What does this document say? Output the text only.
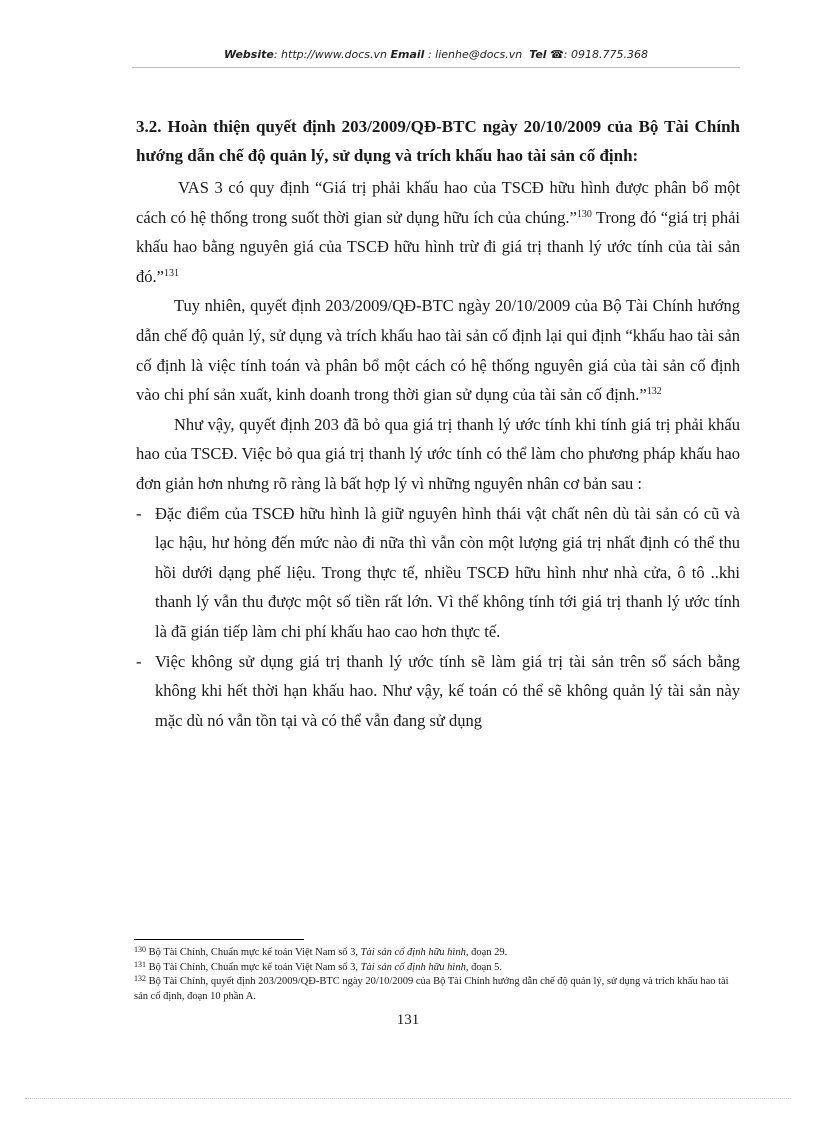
Website: http://www.docs.vn Email : lienhe@docs.vn Tel ☎: 0918.775.368

3.2. Hoàn thiện quyết định 203/2009/QĐ-BTC ngày 20/10/2009 của Bộ Tài Chính hướng dẫn chế độ quản lý, sử dụng và trích khấu hao tài sản cố định:

VAS 3 có quy định “Giá trị phải khấu hao của TSCĐ hữu hình được phân bổ một cách có hệ thống trong suốt thời gian sử dụng hữu ích của chúng.”$^{130}$ Trong đó “giá trị phải khấu hao bằng nguyên giá của TSCĐ hữu hình trừ đi giá trị thanh lý ước tính của tài sản đó.”$^{131}$

Tuy nhiên, quyết định 203/2009/QĐ-BTC ngày 20/10/2009 của Bộ Tài Chính hướng dẫn chế độ quản lý, sử dụng và trích khấu hao tài sản cố định lại qui định “khấu hao tài sản cố định là việc tính toán và phân bổ một cách có hệ thống nguyên giá của tài sản cố định vào chi phí sản xuất, kinh doanh trong thời gian sử dụng của tài sản cố định.”$^{132}$

Như vậy, quyết định 203 đã bỏ qua giá trị thanh lý ước tính khi tính giá trị phải khấu hao của TSCĐ. Việc bỏ qua giá trị thanh lý ước tính có thể làm cho phương pháp khấu hao đơn giản hơn nhưng rõ ràng là bất hợp lý vì những nguyên nhân cơ bản sau :

- Đặc điểm của TSCĐ hữu hình là giữ nguyên hình thái vật chất nên dù tài sản có cũ và lạc hậu, hư hỏng đến mức nào đi nữa thì vẫn còn một lượng giá trị nhất định có thể thu hồi dưới dạng phế liệu. Trong thực tế, nhiều TSCĐ hữu hình như nhà cửa, ô tô ..khi thanh lý vẫn thu được một số tiền rất lớn. Vì thế không tính tới giá trị thanh lý ước tính là đã gián tiếp làm chi phí khấu hao cao hơn thực tế.

- Việc không sử dụng giá trị thanh lý ước tính sẽ làm giá trị tài sản trên sổ sách bằng không khi hết thời hạn khấu hao. Như vậy, kế toán có thể sẽ không quản lý tài sản này mặc dù nó vẫn tồn tại và có thể vẫn đang sử dụng

$^{130}$ Bộ Tài Chính, Chuẩn mực kế toán Việt Nam số 3, Tài sản cố định hữu hình, đoạn 29.

$^{131}$ Bộ Tài Chính, Chuẩn mực kế toán Việt Nam số 3, Tài sản cố định hữu hình, đoạn 5.

$^{132}$ Bộ Tài Chính, quyết định 203/2009/QĐ-BTC ngày 20/10/2009 của Bộ Tài Chính hướng dẫn chế độ quản lý, sử dụng và trích khấu hao tài sản cố định, đoạn 10 phần A.

131
